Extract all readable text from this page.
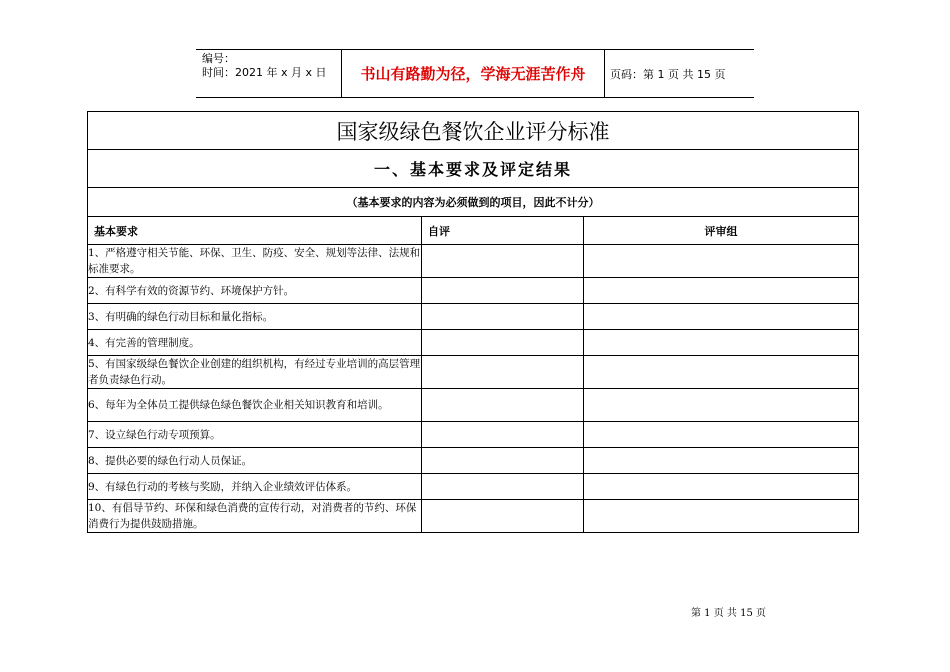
编号：
时间：2021 年 x 月 x 日	书山有路勤为径，学海无涯苦作舟	页码：第 1 页 共 15 页
国家级绿色餐饮企业评分标准		
一、基本要求及评定结果		
（基本要求的内容为必须做到的项目，因此不计分）		
基本要求	自评	评审组
1、严格遵守相关节能、环保、卫生、防疫、安全、规划等法律、法规和标准要求。		
2、有科学有效的资源节约、环境保护方针。		
3、有明确的绿色行动目标和量化指标。		
4、有完善的管理制度。		
5、有国家级绿色餐饮企业创建的组织机构，有经过专业培训的高层管理者负责绿色行动。		
6、每年为全体员工提供绿色绿色餐饮企业相关知识教育和培训。		
7、设立绿色行动专项预算。		
8、提供必要的绿色行动人员保证。		
9、有绿色行动的考核与奖励，并纳入企业绩效评估体系。		
10、有倡导节约、环保和绿色消费的宣传行动，对消费者的节约、环保消费行为提供鼓励措施。		
第 1 页 共 15 页
